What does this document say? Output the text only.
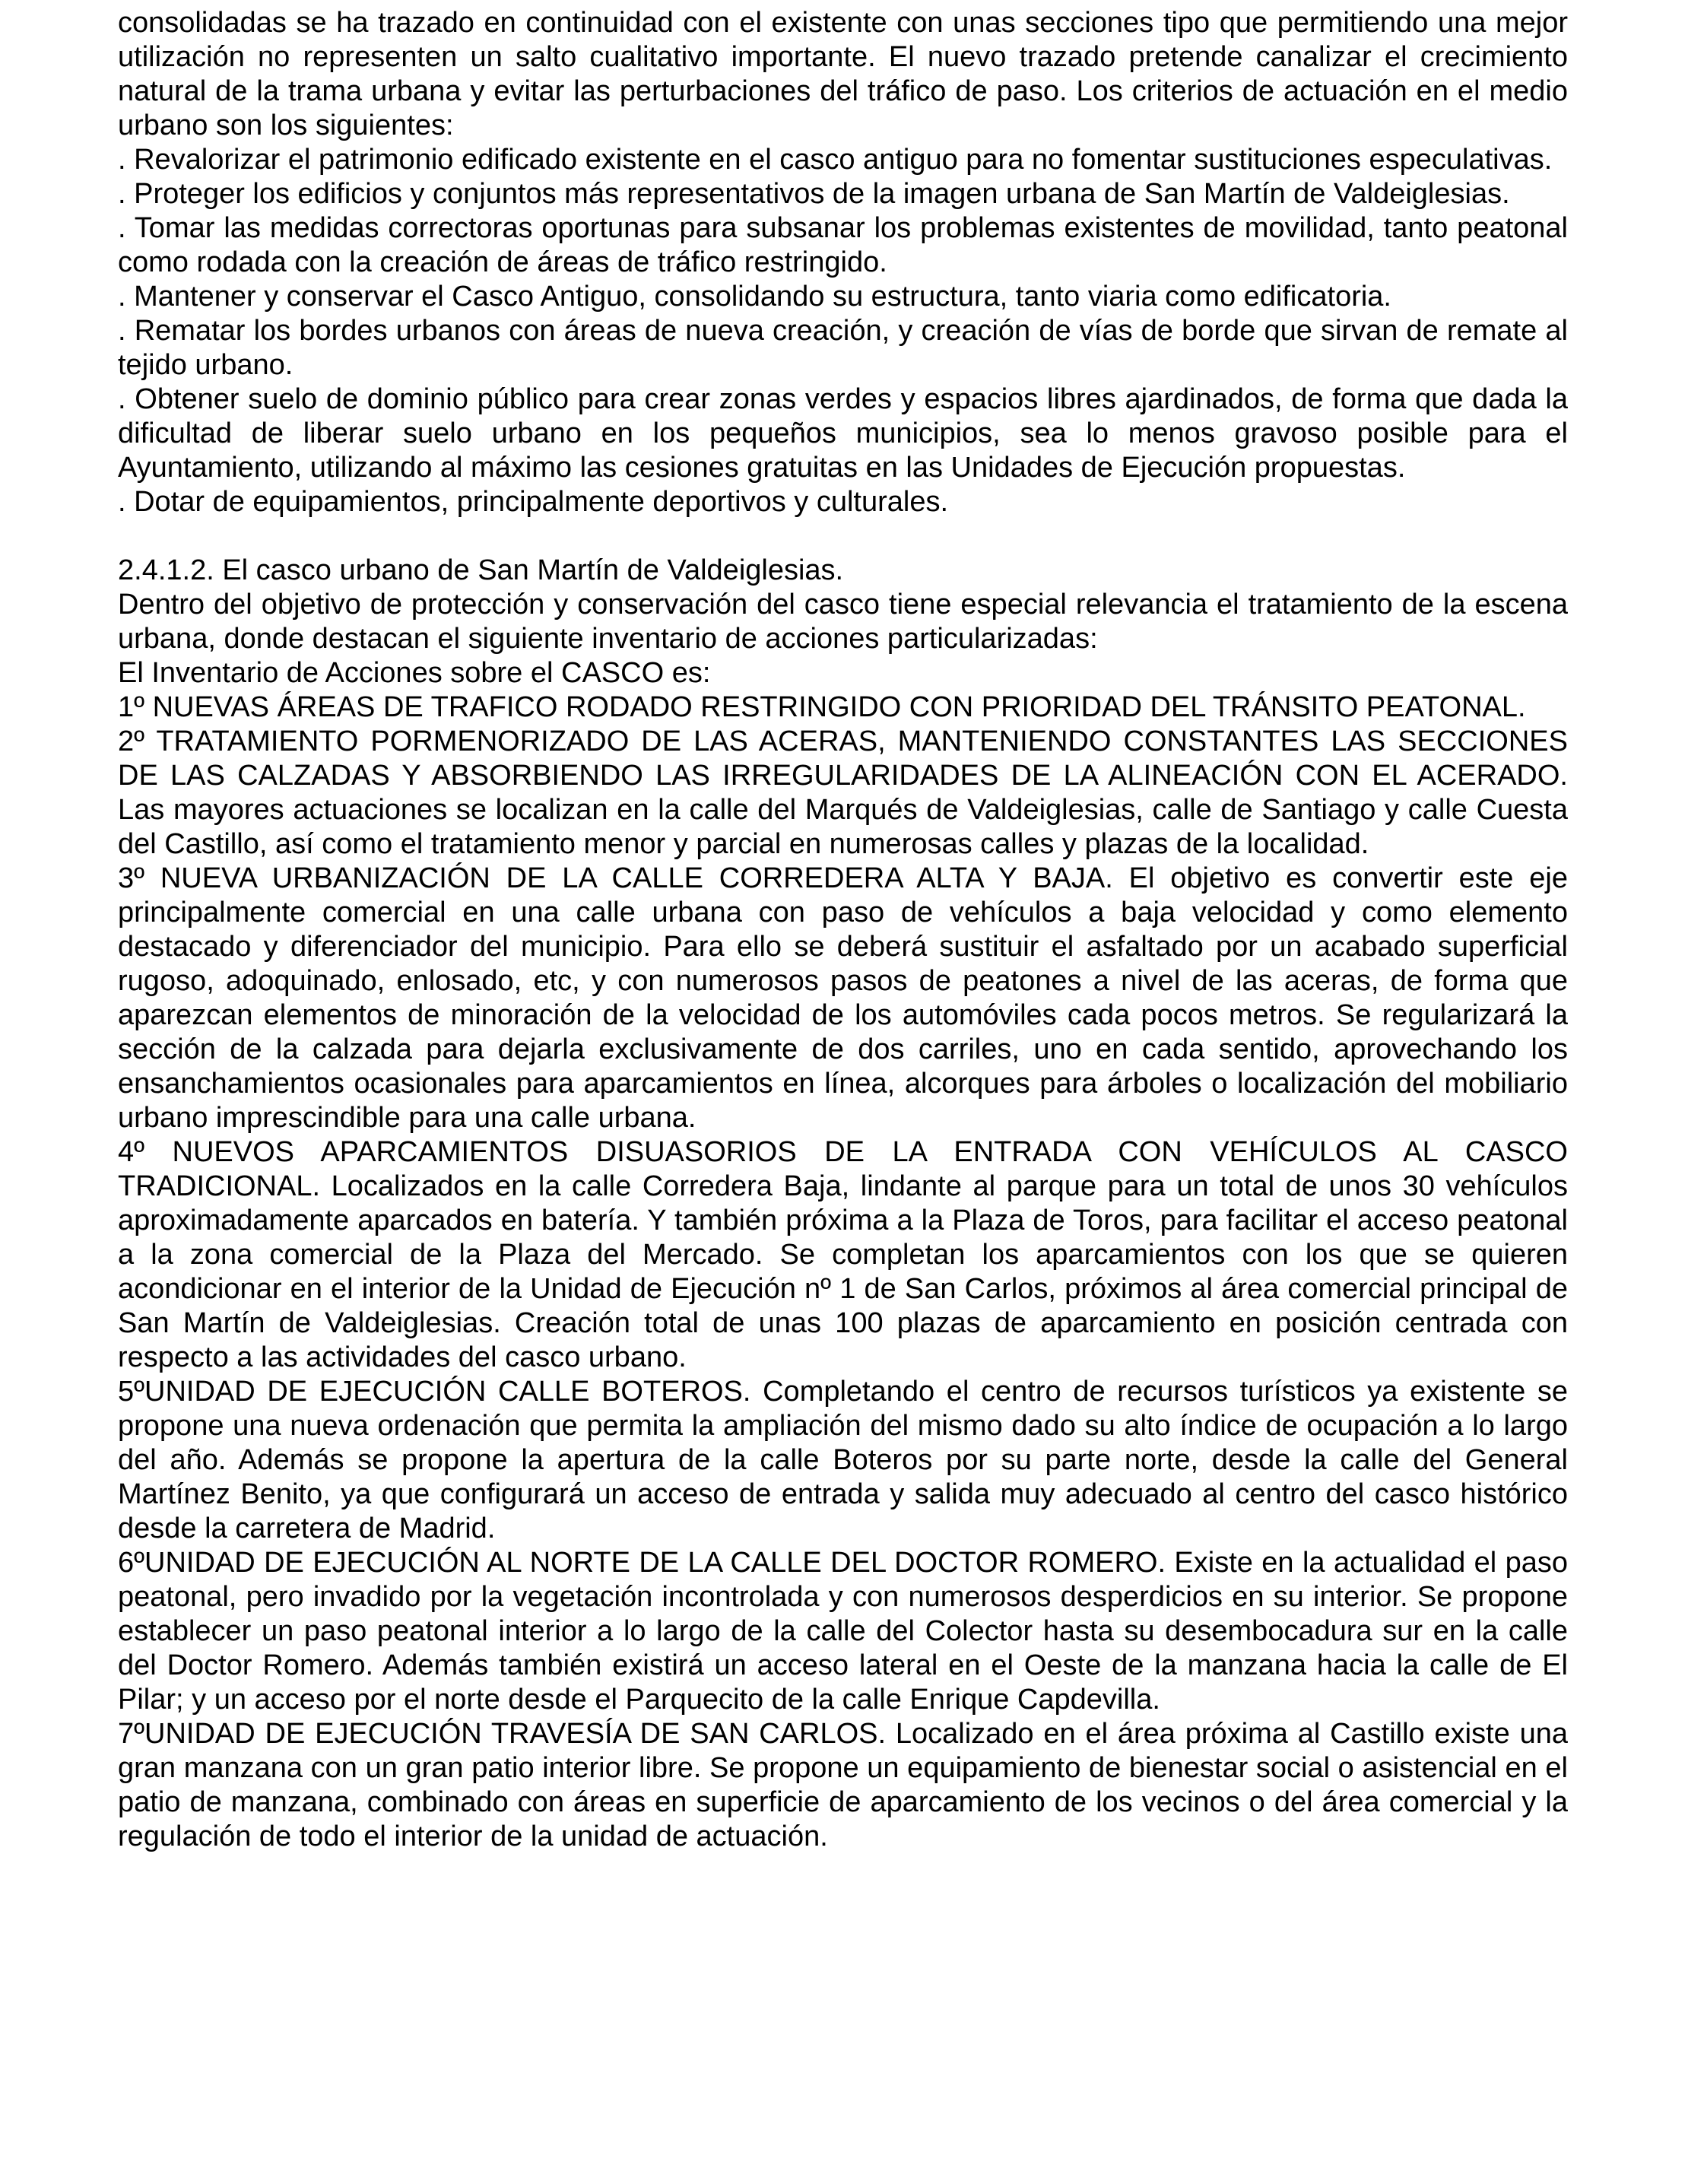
consolidadas se ha trazado en continuidad con el existente con unas secciones tipo que permitiendo una mejor utilización no representen un salto cualitativo importante. El nuevo trazado pretende canalizar el crecimiento natural de la trama urbana y evitar las perturbaciones del tráfico de paso. Los criterios de actuación en el medio urbano son los siguientes:

. Revalorizar el patrimonio edificado existente en el casco antiguo para no fomentar sustituciones especulativas.

. Proteger los edificios y conjuntos más representativos de la imagen urbana de San Martín de Valdeiglesias.

. Tomar las medidas correctoras oportunas para subsanar los problemas existentes de movilidad, tanto peatonal como rodada con la creación de áreas de tráfico restringido.

. Mantener y conservar el Casco Antiguo, consolidando su estructura, tanto viaria como edificatoria.

. Rematar los bordes urbanos con áreas de nueva creación, y creación de vías de borde que sirvan de remate al tejido urbano.

. Obtener suelo de dominio público para crear zonas verdes y espacios libres ajardinados, de forma que dada la dificultad de liberar suelo urbano en los pequeños municipios, sea lo menos gravoso posible para el Ayuntamiento, utilizando al máximo las cesiones gratuitas en las Unidades de Ejecución propuestas.

. Dotar de equipamientos, principalmente deportivos y culturales.

2.4.1.2. El casco urbano de San Martín de Valdeiglesias.

Dentro del objetivo de protección y conservación del casco tiene especial relevancia el tratamiento de la escena urbana, donde destacan el siguiente inventario de acciones particularizadas:

El Inventario de Acciones sobre el CASCO es:

1º NUEVAS ÁREAS DE TRAFICO RODADO RESTRINGIDO CON PRIORIDAD DEL TRÁNSITO PEATONAL.

2º TRATAMIENTO PORMENORIZADO DE LAS ACERAS, MANTENIENDO CONSTANTES LAS SECCIONES DE LAS CALZADAS Y ABSORBIENDO LAS IRREGULARIDADES DE LA ALINEACIÓN CON EL ACERADO. Las mayores actuaciones se localizan en la calle del Marqués de Valdeiglesias, calle de Santiago y calle Cuesta del Castillo, así como el tratamiento menor y parcial en numerosas calles y plazas de la localidad.

3º NUEVA URBANIZACIÓN DE LA CALLE CORREDERA ALTA Y BAJA. El objetivo es convertir este eje principalmente comercial en una calle urbana con paso de vehículos a baja velocidad y como elemento destacado y diferenciador del municipio. Para ello se deberá sustituir el asfaltado por un acabado superficial rugoso, adoquinado, enlosado, etc, y con numerosos pasos de peatones a nivel de las aceras, de forma que aparezcan elementos de minoración de la velocidad de los automóviles cada pocos metros. Se regularizará la sección de la calzada para dejarla exclusivamente de dos carriles, uno en cada sentido, aprovechando los ensanchamientos ocasionales para aparcamientos en línea, alcorques para árboles o localización del mobiliario urbano imprescindible para una calle urbana.

4º NUEVOS APARCAMIENTOS DISUASORIOS DE LA ENTRADA CON VEHÍCULOS AL CASCO TRADICIONAL. Localizados en la calle Corredera Baja, lindante al parque para un total de unos 30 vehículos aproximadamente aparcados en batería. Y también próxima a la Plaza de Toros, para facilitar el acceso peatonal a la zona comercial de la Plaza del Mercado. Se completan los aparcamientos con los que se quieren acondicionar en el interior de la Unidad de Ejecución nº 1 de San Carlos, próximos al área comercial principal de San Martín de Valdeiglesias. Creación total de unas 100 plazas de aparcamiento en posición centrada con respecto a las actividades del casco urbano.

5ºUNIDAD DE EJECUCIÓN CALLE BOTEROS. Completando el centro de recursos turísticos ya existente se propone una nueva ordenación que permita la ampliación del mismo dado su alto índice de ocupación a lo largo del año. Además se propone la apertura de la calle Boteros por su parte norte, desde la calle del General Martínez Benito, ya que configurará un acceso de entrada y salida muy adecuado al centro del casco histórico desde la carretera de Madrid.

6ºUNIDAD DE EJECUCIÓN AL NORTE DE LA CALLE DEL DOCTOR ROMERO. Existe en la actualidad el paso peatonal, pero invadido por la vegetación incontrolada y con numerosos desperdicios en su interior. Se propone establecer un paso peatonal interior a lo largo de la calle del Colector hasta su desembocadura sur en la calle del Doctor Romero. Además también existirá un acceso lateral en el Oeste de la manzana hacia la calle de El Pilar; y un acceso por el norte desde el Parquecito de la calle Enrique Capdevilla.

7ºUNIDAD DE EJECUCIÓN TRAVESÍA DE SAN CARLOS. Localizado en el área próxima al Castillo existe una gran manzana con un gran patio interior libre. Se propone un equipamiento de bienestar social o asistencial en el patio de manzana, combinado con áreas en superficie de aparcamiento de los vecinos o del área comercial y la regulación de todo el interior de la unidad de actuación.
